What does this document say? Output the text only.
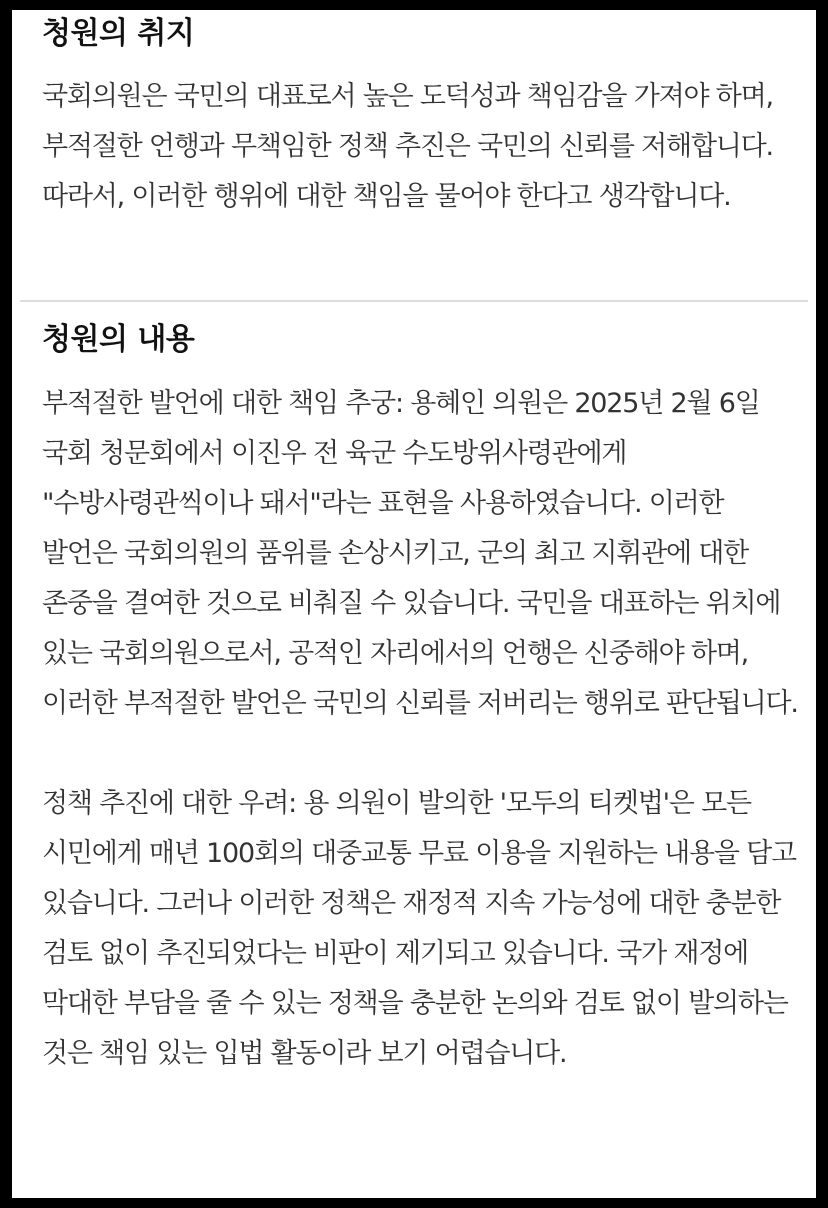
청원의 취지

국회의원은 국민의 대표로서 높은 도덕성과 책임감을 가져야 하며, 부적절한 언행과 무책임한 정책 추진은 국민의 신뢰를 저해합니다. 따라서, 이러한 행위에 대한 책임을 물어야 한다고 생각합니다.

청원의 내용

부적절한 발언에 대한 책임 추궁: 용혜인 의원은 2025년 2월 6일 국회 청문회에서 이진우 전 육군 수도방위사령관에게 "수방사령관씩이나 돼서"라는 표현을 사용하였습니다. 이러한 발언은 국회의원의 품위를 손상시키고, 군의 최고 지휘관에 대한 존중을 결여한 것으로 비춰질 수 있습니다. 국민을 대표하는 위치에 있는 국회의원으로서, 공적인 자리에서의 언행은 신중해야 하며, 이러한 부적절한 발언은 국민의 신뢰를 저버리는 행위로 판단됩니다.

정책 추진에 대한 우려: 용 의원이 발의한 '모두의 티켓법'은 모든 시민에게 매년 100회의 대중교통 무료 이용을 지원하는 내용을 담고 있습니다. 그러나 이러한 정책은 재정적 지속 가능성에 대한 충분한 검토 없이 추진되었다는 비판이 제기되고 있습니다. 국가 재정에 막대한 부담을 줄 수 있는 정책을 충분한 논의와 검토 없이 발의하는 것은 책임 있는 입법 활동이라 보기 어렵습니다.
